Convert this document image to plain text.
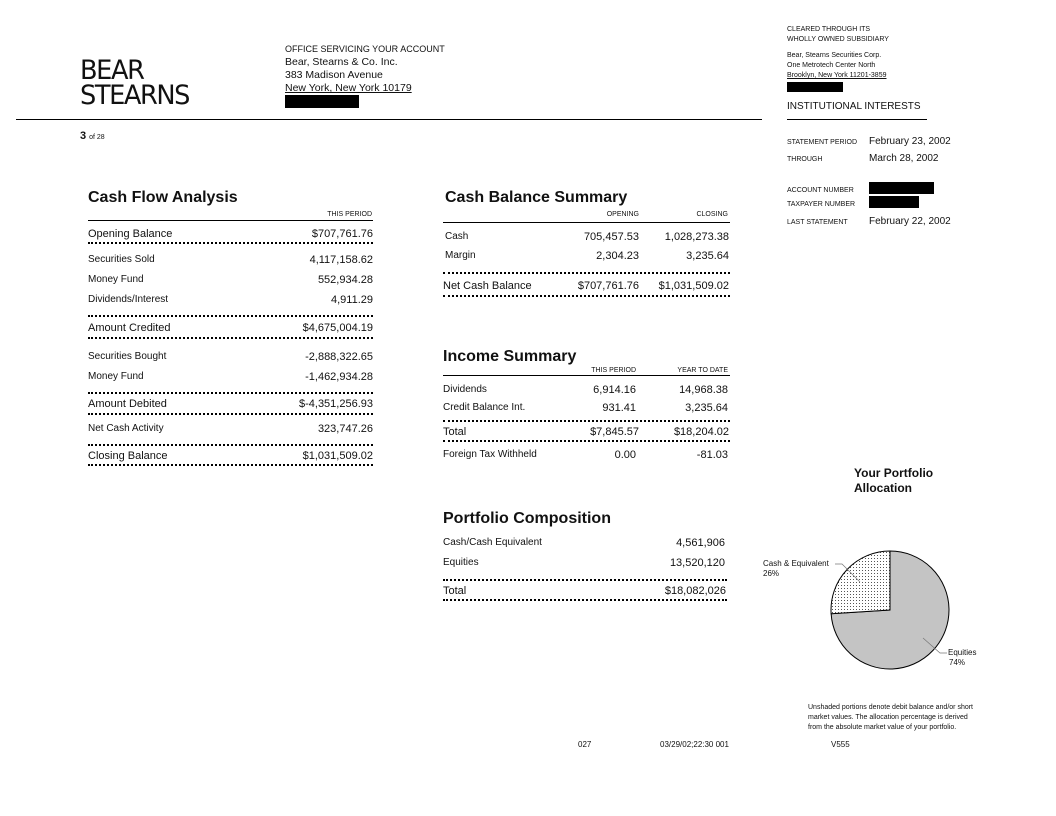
BEAR
STEARNS
OFFICE SERVICING YOUR ACCOUNT
Bear, Stearns & Co. Inc.
383 Madison Avenue
New York, New York 10179
CLEARED THROUGH ITS
WHOLLY OWNED SUBSIDIARY
Bear, Stearns Securities Corp.
One Metrotech Center North
Brooklyn, New York 11201-3859
INSTITUTIONAL INTERESTS
3 of 28
STATEMENT PERIOD February 23, 2002
THROUGH	March 28, 2002
ACCOUNT NUMBER
TAXPAYER NUMBER
LAST STATEMENT February 22, 2002
Cash Flow Analysis
THIS PERIOD
Opening Balance	$707,761.76
Securities Sold	4,117,158.62
Money Fund	552,934.28
Dividends/Interest	4,911.29
Amount Credited	$4,675,004.19
Securities Bought	-2,888,322.65
Money Fund	-1,462,934.28
Amount Debited	$-4,351,256.93
Net Cash Activity	323,747.26
Closing Balance	$1,031,509.02
Cash Balance Summary
OPENING	CLOSING
Cash	705,457.53	1,028,273.38
Margin	2,304.23	3,235.64
Net Cash Balance	$707,761.76	$1,031,509.02
Income Summary
THIS PERIOD	YEAR TO DATE
Dividends	6,914.16	14,968.38
Credit Balance Int.	931.41	3,235.64
Total	$7,845.57	$18,204.02
Foreign Tax Withheld	0.00	-81.03
Portfolio Composition
Cash/Cash Equivalent	4,561,906
Equities	13,520,120
Total	$18,082,026
Your Portfolio
Allocation
Cash & Equivalent
26%
Equities
74%
Unshaded portions denote debit balance and/or short
market values. The allocation percentage is derived
from the absolute market value of your portfolio.
027	03/29/02;22:30 001	V555
